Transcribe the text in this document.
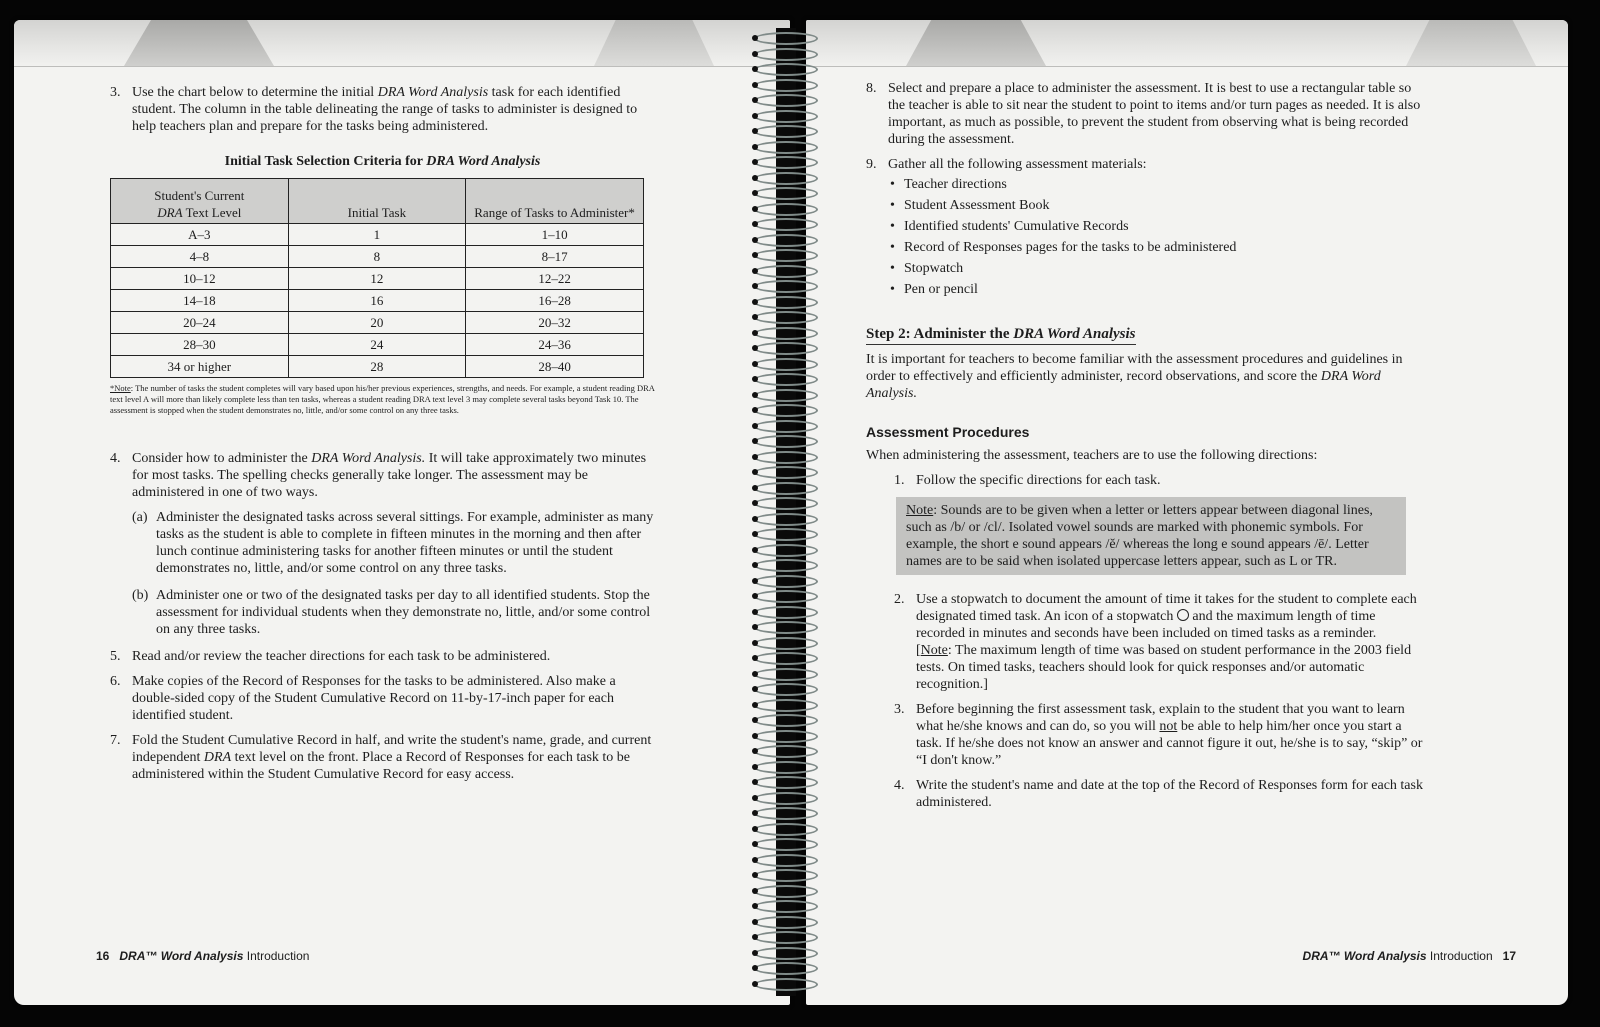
3. Use the chart below to determine the initial DRA Word Analysis task for each identified student. The column in the table delineating the range of tasks to administer is designed to help teachers plan and prepare for the tasks being administered.
Initial Task Selection Criteria for DRA Word Analysis
Student's Current
DRA Text Level	Initial Task	Range of Tasks to Administer*
A–3	1	1–10
4–8	8	8–17
10–12	12	12–22
14–18	16	16–28
20–24	20	20–32
28–30	24	24–36
34 or higher	28	28–40
*Note: The number of tasks the student completes will vary based upon his/her previous experiences, strengths, and needs. For example, a student reading DRA text level A will more than likely complete less than ten tasks, whereas a student reading DRA text level 3 may complete several tasks beyond Task 10. The assessment is stopped when the student demonstrates no, little, and/or some control on any three tasks.
4. Consider how to administer the DRA Word Analysis. It will take approximately two minutes for most tasks. The spelling checks generally take longer. The assessment may be administered in one of two ways.
(a) Administer the designated tasks across several sittings. For example, administer as many tasks as the student is able to complete in fifteen minutes in the morning and then after lunch continue administering tasks for another fifteen minutes or until the student demonstrates no, little, and/or some control on any three tasks.
(b) Administer one or two of the designated tasks per day to all identified students. Stop the assessment for individual students when they demonstrate no, little, and/or some control on any three tasks.
5. Read and/or review the teacher directions for each task to be administered.
6. Make copies of the Record of Responses for the tasks to be administered. Also make a double-sided copy of the Student Cumulative Record on 11-by-17-inch paper for each identified student.
7. Fold the Student Cumulative Record in half, and write the student's name, grade, and current independent DRA text level on the front. Place a Record of Responses for each task to be administered within the Student Cumulative Record for easy access.
16 DRA™ Word Analysis Introduction
8. Select and prepare a place to administer the assessment. It is best to use a rectangular table so the teacher is able to sit near the student to point to items and/or turn pages as needed. It is also important, as much as possible, to prevent the student from observing what is being recorded during the assessment.
9. Gather all the following assessment materials:
• Teacher directions
• Student Assessment Book
• Identified students' Cumulative Records
• Record of Responses pages for the tasks to be administered
• Stopwatch
• Pen or pencil
Step 2: Administer the DRA Word Analysis
It is important for teachers to become familiar with the assessment procedures and guidelines in order to effectively and efficiently administer, record observations, and score the DRA Word Analysis.
Assessment Procedures
When administering the assessment, teachers are to use the following directions:
1. Follow the specific directions for each task.
Note: Sounds are to be given when a letter or letters appear between diagonal lines, such as /b/ or /cl/. Isolated vowel sounds are marked with phonemic symbols. For example, the short e sound appears /ĕ/ whereas the long e sound appears /ē/. Letter names are to be said when isolated uppercase letters appear, such as L or TR.
2. Use a stopwatch to document the amount of time it takes for the student to complete each designated timed task. An icon of a stopwatch and the maximum length of time recorded in minutes and seconds have been included on timed tasks as a reminder.
[Note: The maximum length of time was based on student performance in the 2003 field tests. On timed tasks, teachers should look for quick responses and/or automatic recognition.]
3. Before beginning the first assessment task, explain to the student that you want to learn what he/she knows and can do, so you will not be able to help him/her once you start a task. If he/she does not know an answer and cannot figure it out, he/she is to say, “skip” or “I don't know.”
4. Write the student's name and date at the top of the Record of Responses form for each task administered.
DRA™ Word Analysis Introduction 17
